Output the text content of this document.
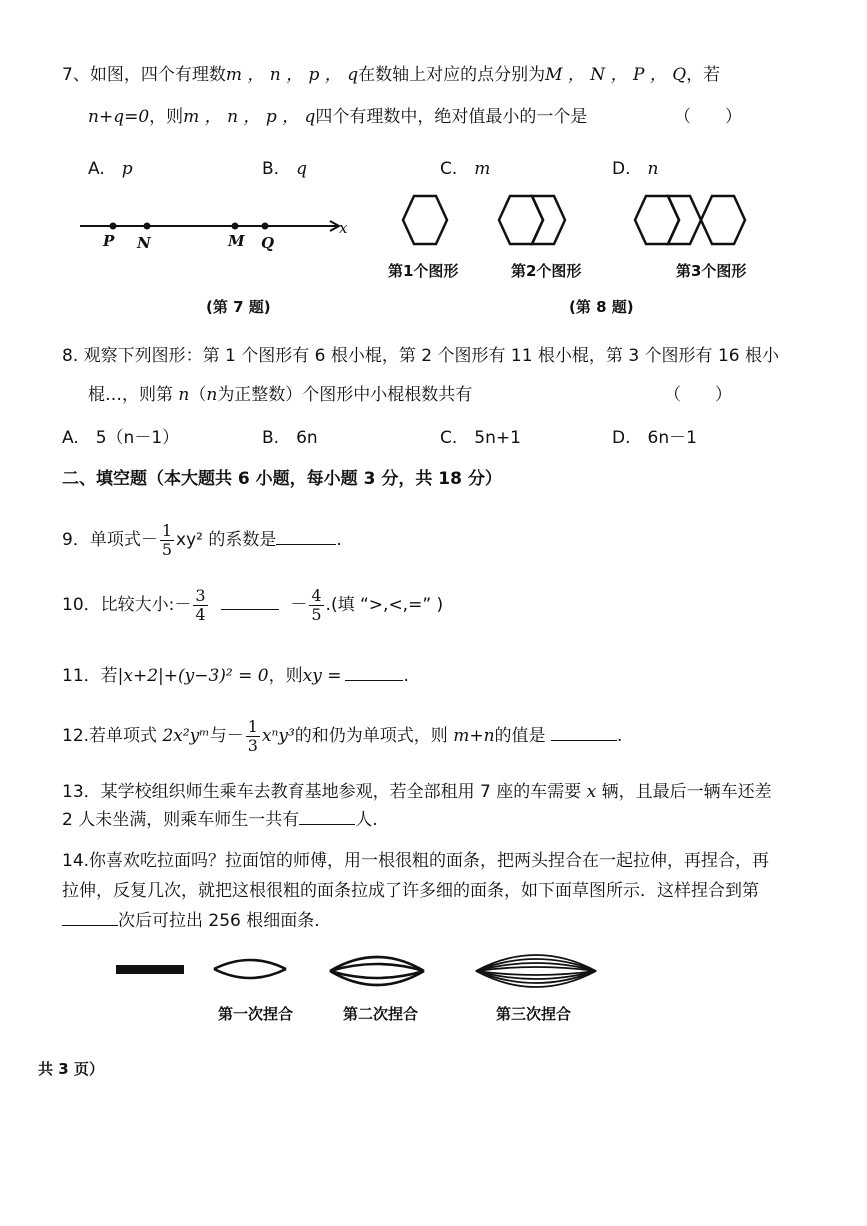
7、如图，四个有理数m ， n ， p ， q在数轴上对应的点分别为M ， N ， P ， Q，若
n+q=0，则m ， n ， p ， q四个有理数中，绝对值最小的一个是	（　　）
A.　 p	B.　 q	C.　 m	D.　 n
P N	M Q
x
(第 7 题)
第1个图形	第2个图形	第3个图形
(第 8 题)
8. 观察下列图形：第 1 个图形有 6 根小棍，第 2 个图形有 11 根小棍，第 3 个图形有 16 根小
棍…，则第 n（n为正整数）个图形中小棍根数共有	（　　）
A.　 5（n－1）	B.　 6n	C.　 5n+1	D.　 6n－1
二、填空题（本大题共 6 小题，每小题 3 分，共 18 分）
9．单项式－ $\frac{1}{5} xy^2$ 的系数是	.
10．比较大小:－ $\frac{3}{4}$	－ $\frac{4}{5}$ .(填 “>,<,=” )
11．若|x+2|+(y−3)² = 0，则xy =	.
12.若单项式 2x²yᵐ与－ $\frac{1}{3} x^ny^3$的和仍为单项式，则 m+n的值是	.
13．某学校组织师生乘车去教育基地参观，若全部租用 7 座的车需要 x 辆，且最后一辆车还差
2 人未坐满，则乘车师生一共有	人.
14.你喜欢吃拉面吗？拉面馆的师傅，用一根很粗的面条，把两头捏合在一起拉伸，再捏合，再
拉伸，反复几次，就把这根很粗的面条拉成了许多细的面条，如下面草图所示．这样捏合到第
次后可拉出 256 根细面条.
第一次捏合	第二次捏合	第三次捏合
共 3 页）
